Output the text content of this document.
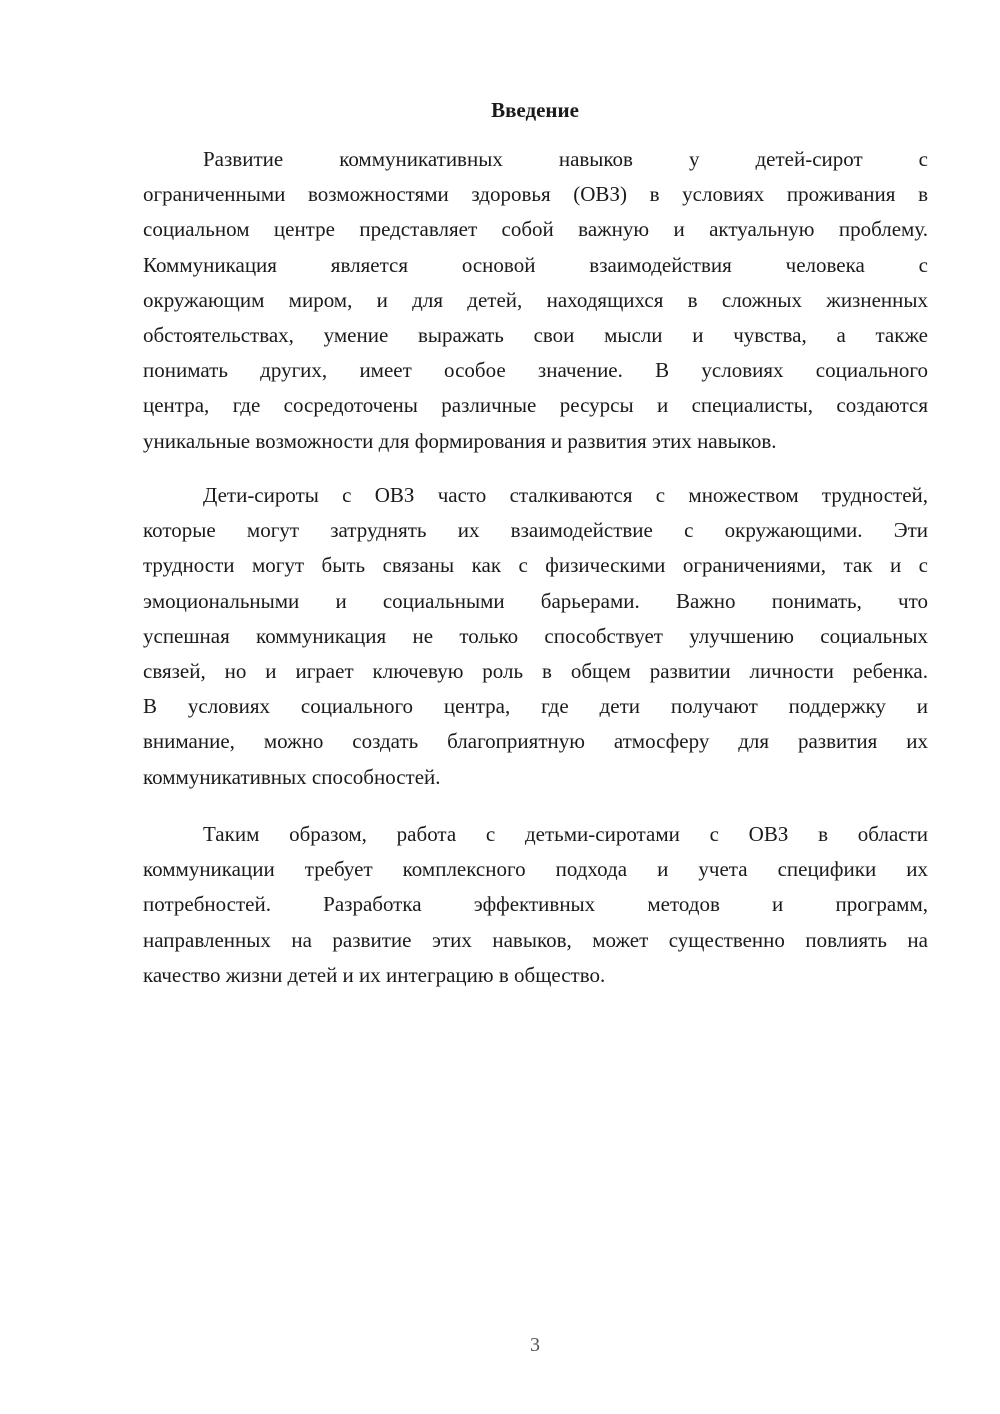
Введение
Развитие коммуникативных навыков у детей-сирот с
ограниченными возможностями здоровья (ОВЗ) в условиях проживания в
социальном центре представляет собой важную и актуальную проблему.
Коммуникация является основой взаимодействия человека с
окружающим миром, и для детей, находящихся в сложных жизненных
обстоятельствах, умение выражать свои мысли и чувства, а также
понимать других, имеет особое значение. В условиях социального
центра, где сосредоточены различные ресурсы и специалисты, создаются
уникальные возможности для формирования и развития этих навыков.
Дети-сироты с ОВЗ часто сталкиваются с множеством трудностей,
которые могут затруднять их взаимодействие с окружающими. Эти
трудности могут быть связаны как с физическими ограничениями, так и с
эмоциональными и социальными барьерами. Важно понимать, что
успешная коммуникация не только способствует улучшению социальных
связей, но и играет ключевую роль в общем развитии личности ребенка.
В условиях социального центра, где дети получают поддержку и
внимание, можно создать благоприятную атмосферу для развития их
коммуникативных способностей.
Таким образом, работа с детьми-сиротами с ОВЗ в области
коммуникации требует комплексного подхода и учета специфики их
потребностей. Разработка эффективных методов и программ,
направленных на развитие этих навыков, может существенно повлиять на
качество жизни детей и их интеграцию в общество.
3
